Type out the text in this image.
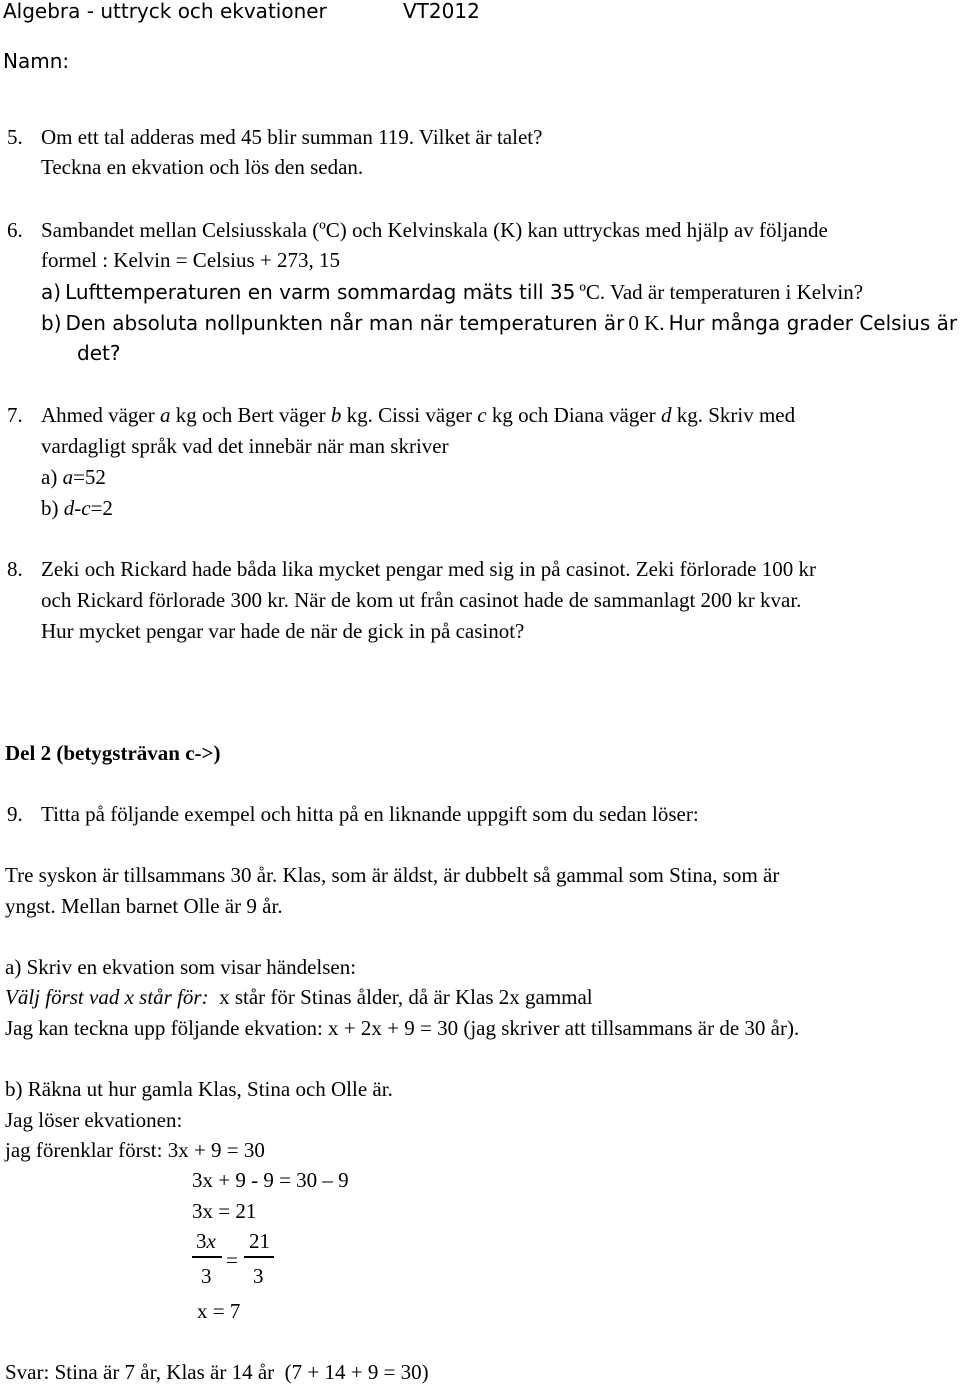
Algebra - uttryck och ekvationer	VT2012
Namn:
5. Om ett tal adderas med 45 blir summan 119. Vilket är talet?
Teckna en ekvation och lös den sedan.
6. Sambandet mellan Celsiusskala (ºC) och Kelvinskala (K) kan uttryckas med hjälp av följande
formel : Kelvin = Celsius + 273, 15
a) Lufttemperaturen en varm sommardag mäts till 35 ºC. Vad är temperaturen i Kelvin?
b) Den absoluta nollpunkten når man när temperaturen är 0 K. Hur många grader Celsius är
det?
7. Ahmed väger a kg och Bert väger b kg. Cissi väger c kg och Diana väger d kg. Skriv med
vardagligt språk vad det innebär när man skriver
a) a=52
b) d-c=2
8. Zeki och Rickard hade båda lika mycket pengar med sig in på casinot. Zeki förlorade 100 kr
och Rickard förlorade 300 kr. När de kom ut från casinot hade de sammanlagt 200 kr kvar.
Hur mycket pengar var hade de när de gick in på casinot?
Del 2 (betygsträvan c->)
9. Titta på följande exempel och hitta på en liknande uppgift som du sedan löser:
Tre syskon är tillsammans 30 år. Klas, som är äldst, är dubbelt så gammal som Stina, som är
yngst. Mellan barnet Olle är 9 år.
a) Skriv en ekvation som visar händelsen:
Välj först vad x står för:  x står för Stinas ålder, då är Klas 2x gammal
Jag kan teckna upp följande ekvation: x + 2x + 9 = 30 (jag skriver att tillsammans är de 30 år).
b) Räkna ut hur gamla Klas, Stina och Olle är.
Jag löser ekvationen:
jag förenklar först: 3x + 9 = 30
3x + 9 - 9 = 30 – 9
3x = 21
3x
3
=
21
3
x = 7
Svar: Stina är 7 år, Klas är 14 år  (7 + 14 + 9 = 30)
